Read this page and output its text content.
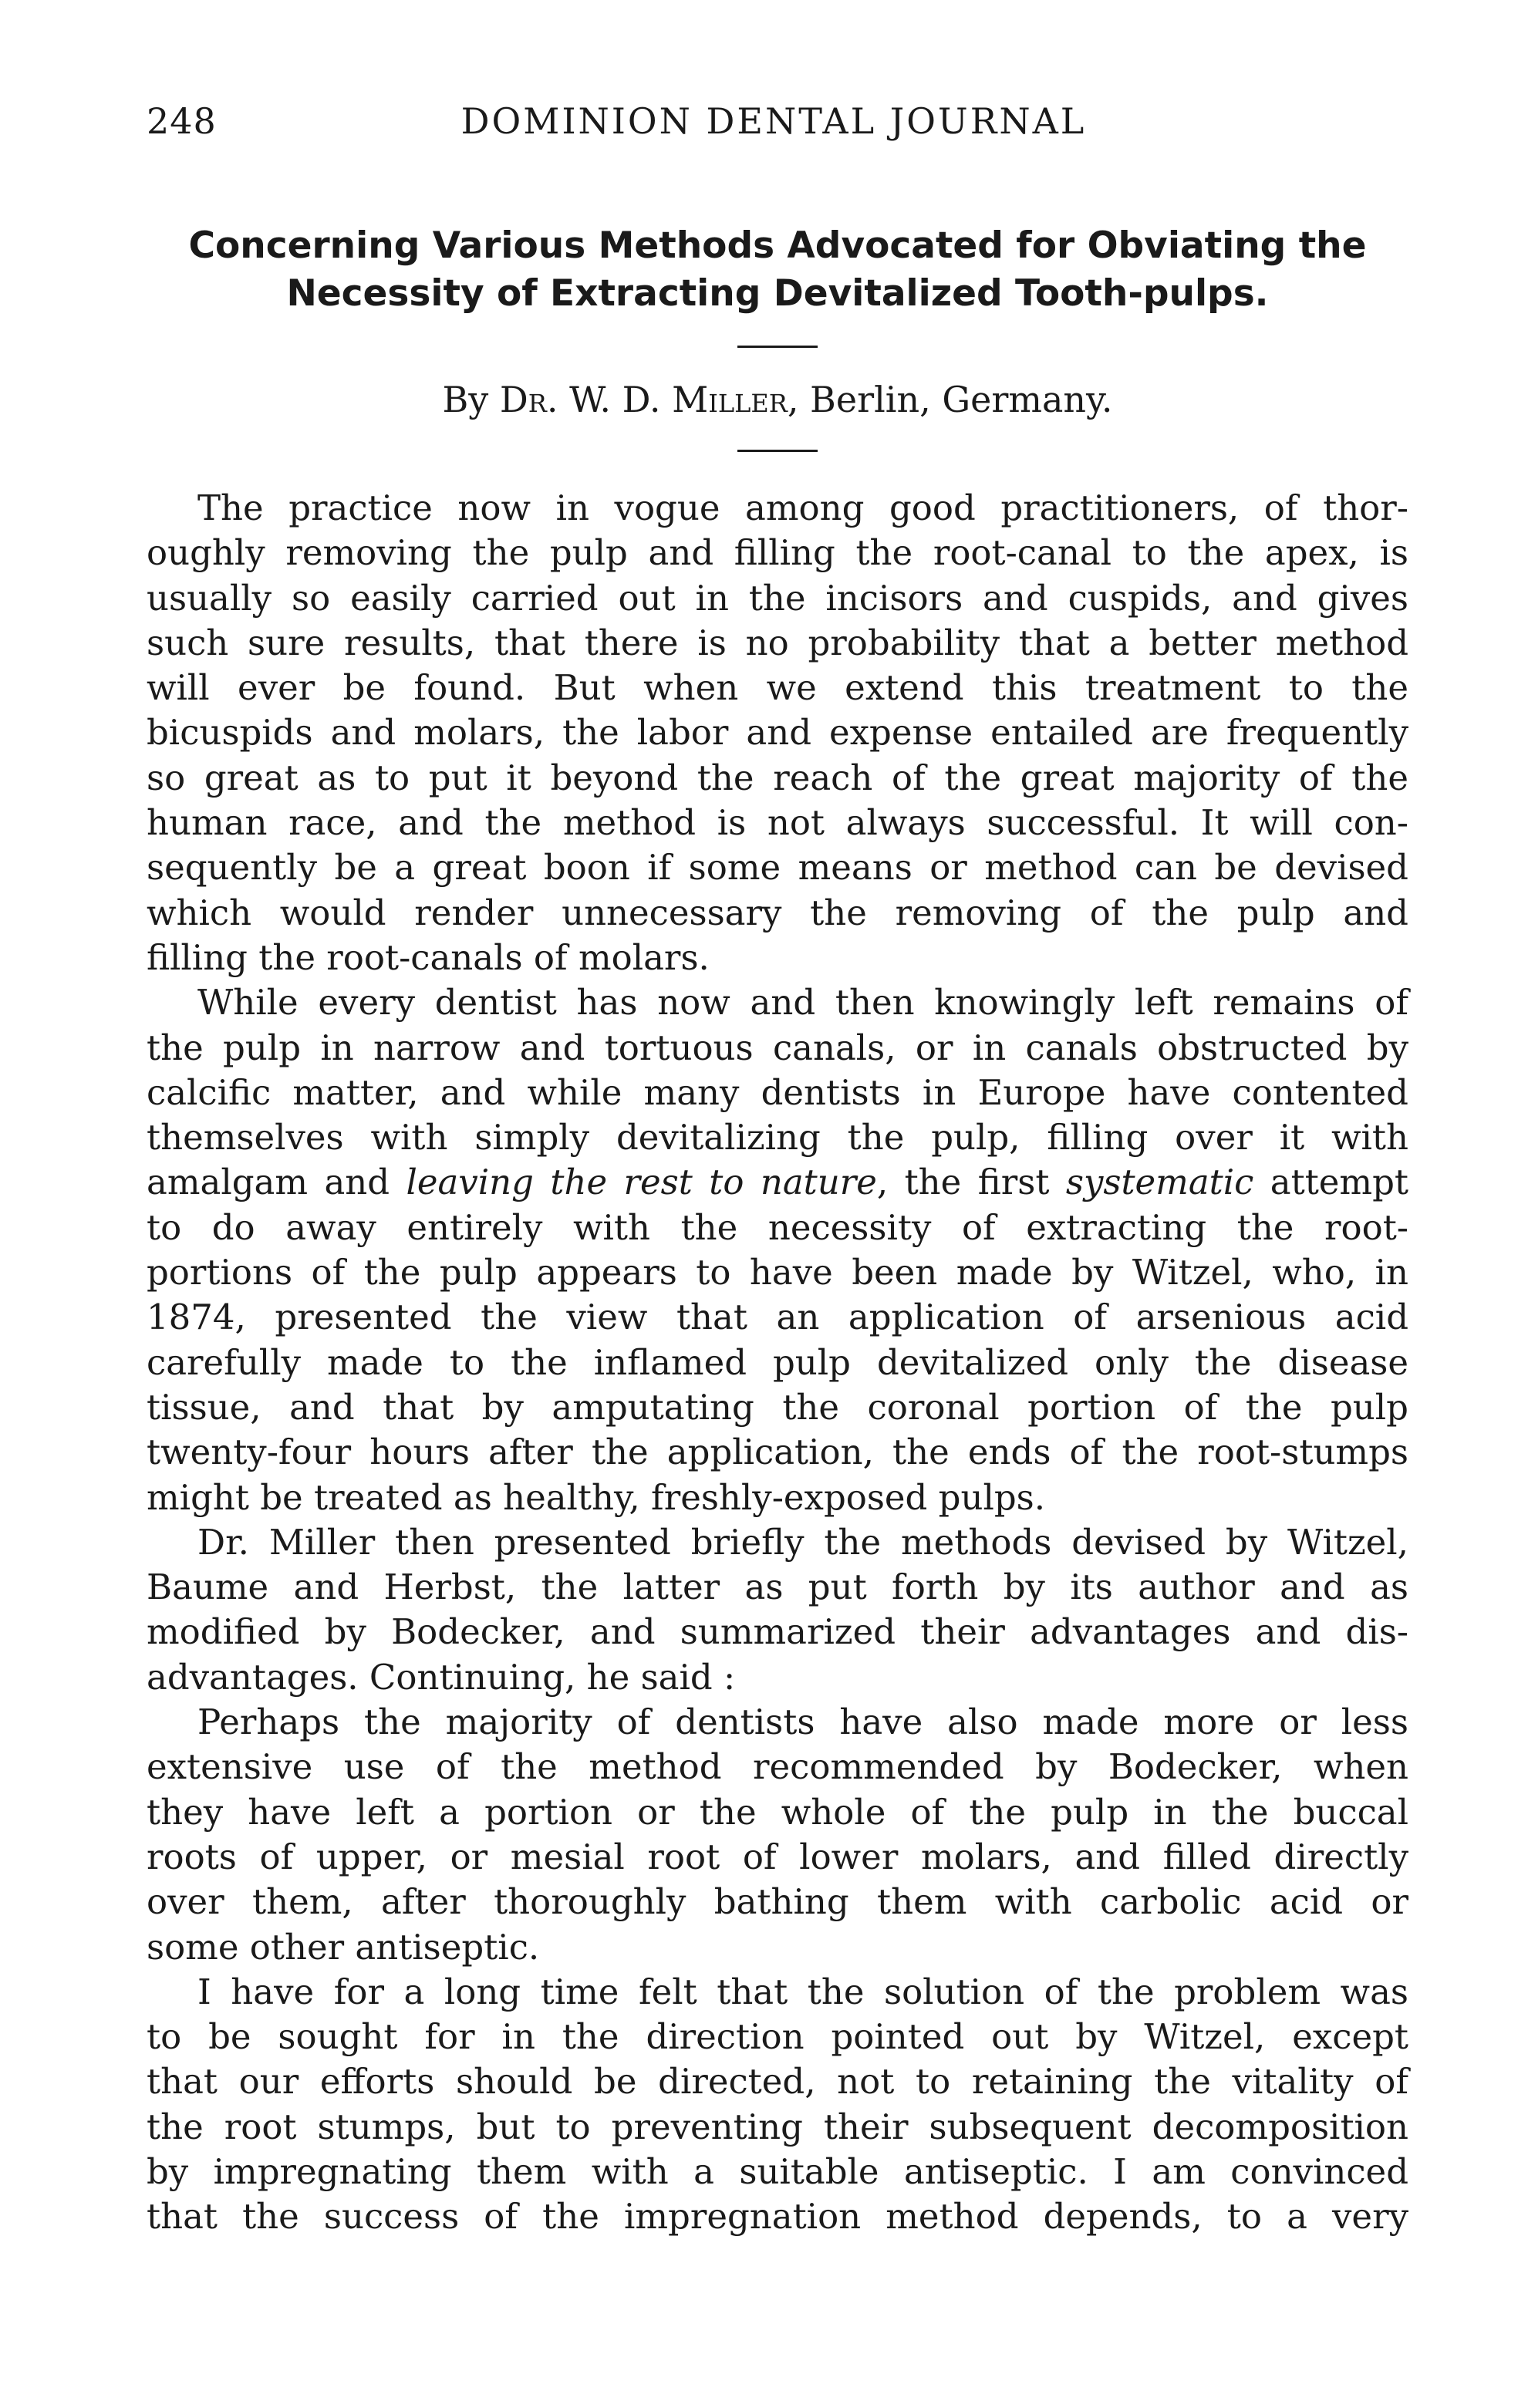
248	DOMINION DENTAL JOURNAL
Concerning Various Methods Advocated for Obviating the
Necessity of Extracting Devitalized Tooth-pulps.
By Dr. W. D. Miller, Berlin, Germany.
The practice now in vogue among good practitioners, of thor-
oughly removing the pulp and filling the root-canal to the apex, is
usually so easily carried out in the incisors and cuspids, and gives
such sure results, that there is no probability that a better method
will ever be found. But when we extend this treatment to the
bicuspids and molars, the labor and expense entailed are frequently
so great as to put it beyond the reach of the great majority of the
human race, and the method is not always successful. It will con-
sequently be a great boon if some means or method can be devised
which would render unnecessary the removing of the pulp and
filling the root-canals of molars.
While every dentist has now and then knowingly left remains of
the pulp in narrow and tortuous canals, or in canals obstructed by
calcific matter, and while many dentists in Europe have contented
themselves with simply devitalizing the pulp, filling over it with
amalgam and leaving the rest to nature, the first systematic attempt
to do away entirely with the necessity of extracting the root-
portions of the pulp appears to have been made by Witzel, who, in
1874, presented the view that an application of arsenious acid
carefully made to the inflamed pulp devitalized only the disease
tissue, and that by amputating the coronal portion of the pulp
twenty-four hours after the application, the ends of the root-stumps
might be treated as healthy, freshly-exposed pulps.
Dr. Miller then presented briefly the methods devised by Witzel,
Baume and Herbst, the latter as put forth by its author and as
modified by Bodecker, and summarized their advantages and dis-
advantages. Continuing, he said :
Perhaps the majority of dentists have also made more or less
extensive use of the method recommended by Bodecker, when
they have left a portion or the whole of the pulp in the buccal
roots of upper, or mesial root of lower molars, and filled directly
over them, after thoroughly bathing them with carbolic acid or
some other antiseptic.
I have for a long time felt that the solution of the problem was
to be sought for in the direction pointed out by Witzel, except
that our efforts should be directed, not to retaining the vitality of
the root stumps, but to preventing their subsequent decomposition
by impregnating them with a suitable antiseptic. I am convinced
that the success of the impregnation method depends, to a very
